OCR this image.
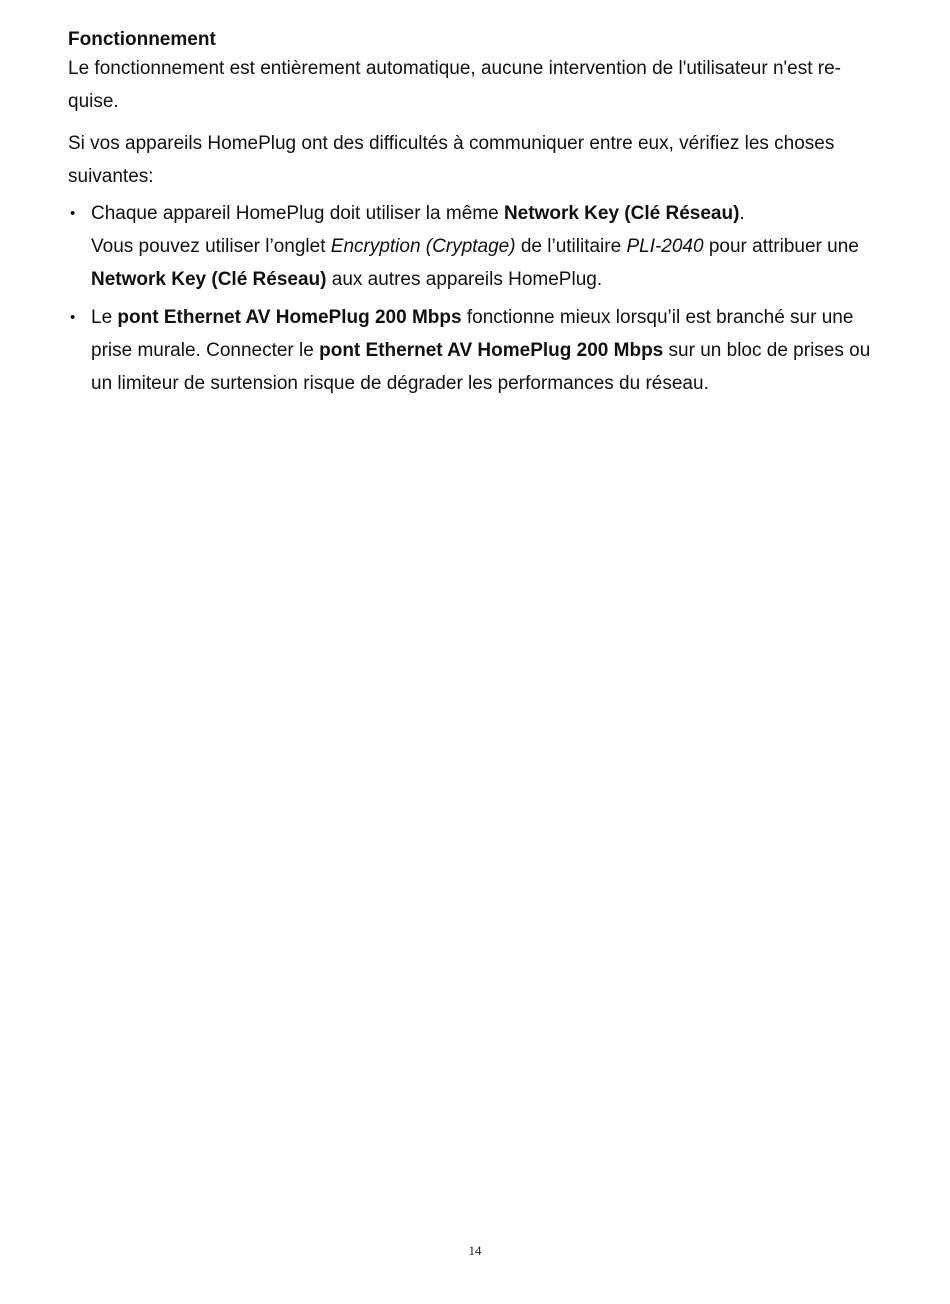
Fonctionnement

Le fonctionnement est entièrement automatique, aucune intervention de l'utilisateur n'est re-quise.

Si vos appareils HomePlug ont des difficultés à communiquer entre eux, vérifiez les choses suivantes:

• Chaque appareil HomePlug doit utiliser la même Network Key (Clé Réseau).
Vous pouvez utiliser l’onglet Encryption (Cryptage) de l’utilitaire PLI-2040 pour attribuer une Network Key (Clé Réseau) aux autres appareils HomePlug.
• Le pont Ethernet AV HomePlug 200 Mbps fonctionne mieux lorsqu’il est branché sur une prise murale. Connecter le pont Ethernet AV HomePlug 200 Mbps sur un bloc de prises ou un limiteur de surtension risque de dégrader les performances du réseau.
14
